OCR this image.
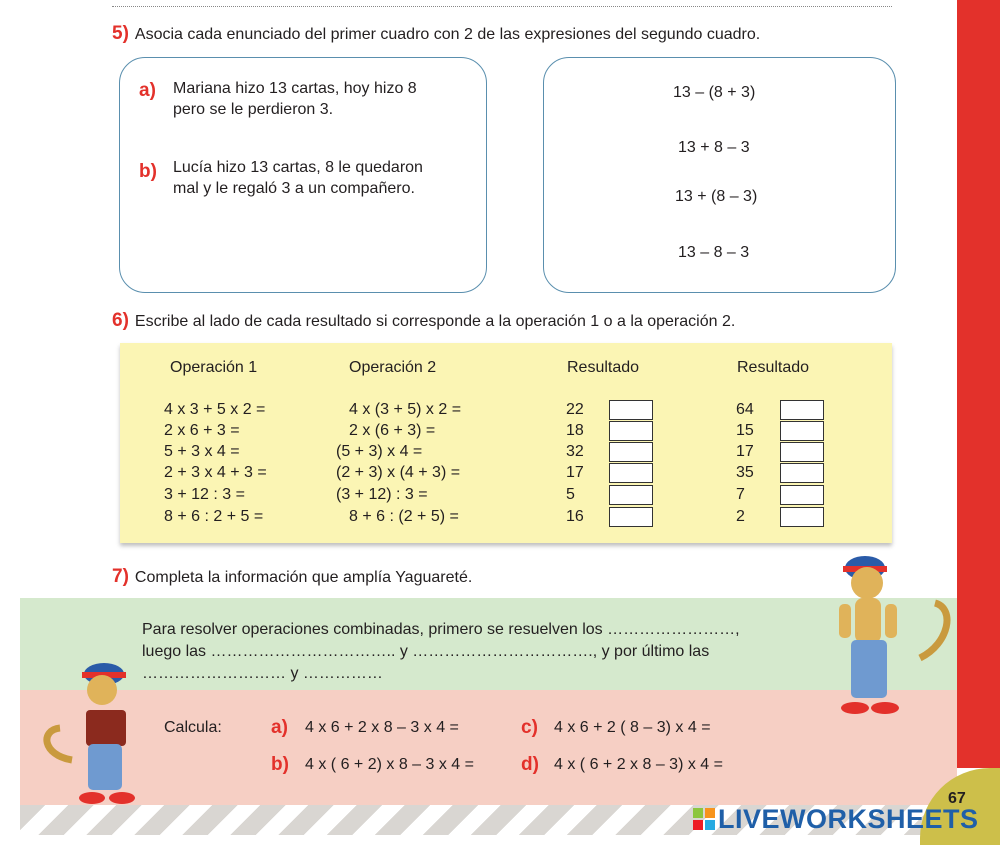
5) Asocia cada enunciado del primer cuadro con 2 de las expresiones del segundo cuadro.
a) Mariana hizo 13 cartas, hoy hizo 8
pero se le perdieron 3.
b) Lucía hizo 13 cartas, 8 le quedaron
mal y le regaló 3 a un compañero.
13 – (8 + 3)
13 + 8 – 3
13 + (8 – 3)
13 – 8 – 3
6) Escribe al lado de cada resultado si corresponde a la operación 1 o a la operación 2.
Operación 1	Operación 2	Resultado	Resultado
4 x 3 + 5 x 2 =	4 x (3 + 5) x 2 =	22	64
2 x 6 + 3 =	2 x (6 + 3) =	18	15
5 + 3 x 4 =	(5 + 3) x 4 =	32	17
2 + 3 x 4 + 3 =	(2 + 3) x (4 + 3) =	17	35
3 + 12 : 3 =	(3 + 12) : 3 =	5	7
8 + 6 : 2 + 5 =	8 + 6 : (2 + 5) =	16	2
7) Completa la información que amplía Yaguareté.
Para resolver operaciones combinadas, primero se resuelven los ……………………,
luego las …………………………….. y ……………………………., y por último las
……………………… y ……………
Calcula:	a) 4 x 6 + 2 x 8 – 3 x 4 =	c) 4 x 6 + 2 ( 8 – 3) x 4 =
b) 4 x ( 6 + 2) x 8 – 3 x 4 = d) 4 x ( 6 + 2 x 8 – 3) x 4 =
67
LIVEWORKSHEETS
